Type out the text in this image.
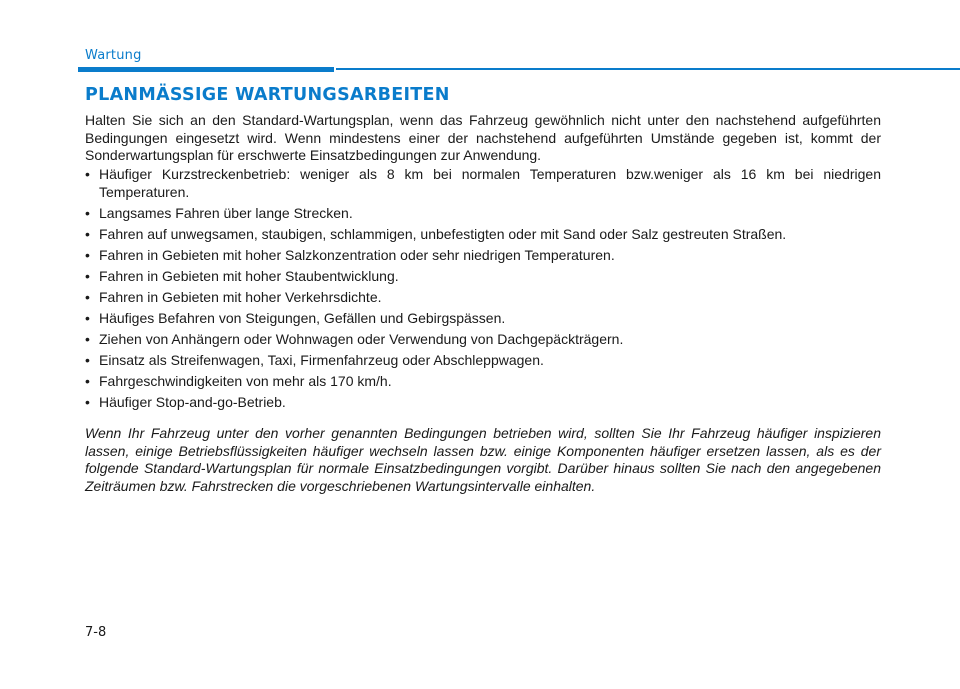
Wartung
PLANMÄSSIGE WARTUNGSARBEITEN

Halten Sie sich an den Standard-Wartungsplan, wenn das Fahrzeug gewöhnlich nicht unter den nachstehend aufgeführten Bedingungen eingesetzt wird. Wenn mindestens einer der nachstehend aufgeführten Umstände gegeben ist, kommt der Sonderwartungsplan für erschwerte Einsatzbedingungen zur Anwendung.

• Häufiger Kurzstreckenbetrieb: weniger als 8 km bei normalen Temperaturen bzw.weniger als 16 km bei niedrigen Temperaturen.
• Langsames Fahren über lange Strecken.
• Fahren auf unwegsamen, staubigen, schlammigen, unbefestigten oder mit Sand oder Salz gestreuten Straßen.
• Fahren in Gebieten mit hoher Salzkonzentration oder sehr niedrigen Temperaturen.
• Fahren in Gebieten mit hoher Staubentwicklung.
• Fahren in Gebieten mit hoher Verkehrsdichte.
• Häufiges Befahren von Steigungen, Gefällen und Gebirgspässen.
• Ziehen von Anhängern oder Wohnwagen oder Verwendung von Dachgepäckträgern.
• Einsatz als Streifenwagen, Taxi, Firmenfahrzeug oder Abschleppwagen.
• Fahrgeschwindigkeiten von mehr als 170 km/h.
• Häufiger Stop-and-go-Betrieb.

Wenn Ihr Fahrzeug unter den vorher genannten Bedingungen betrieben wird, sollten Sie Ihr Fahrzeug häufiger inspizieren lassen, einige Betriebsflüssigkeiten häufiger wechseln lassen bzw. einige Komponenten häufiger ersetzen lassen, als es der folgende Standard-Wartungsplan für normale Einsatzbedingungen vorgibt. Darüber hinaus sollten Sie nach den angegebenen Zeiträumen bzw. Fahrstrecken die vorgeschriebenen Wartungsintervalle einhalten.

7-8
